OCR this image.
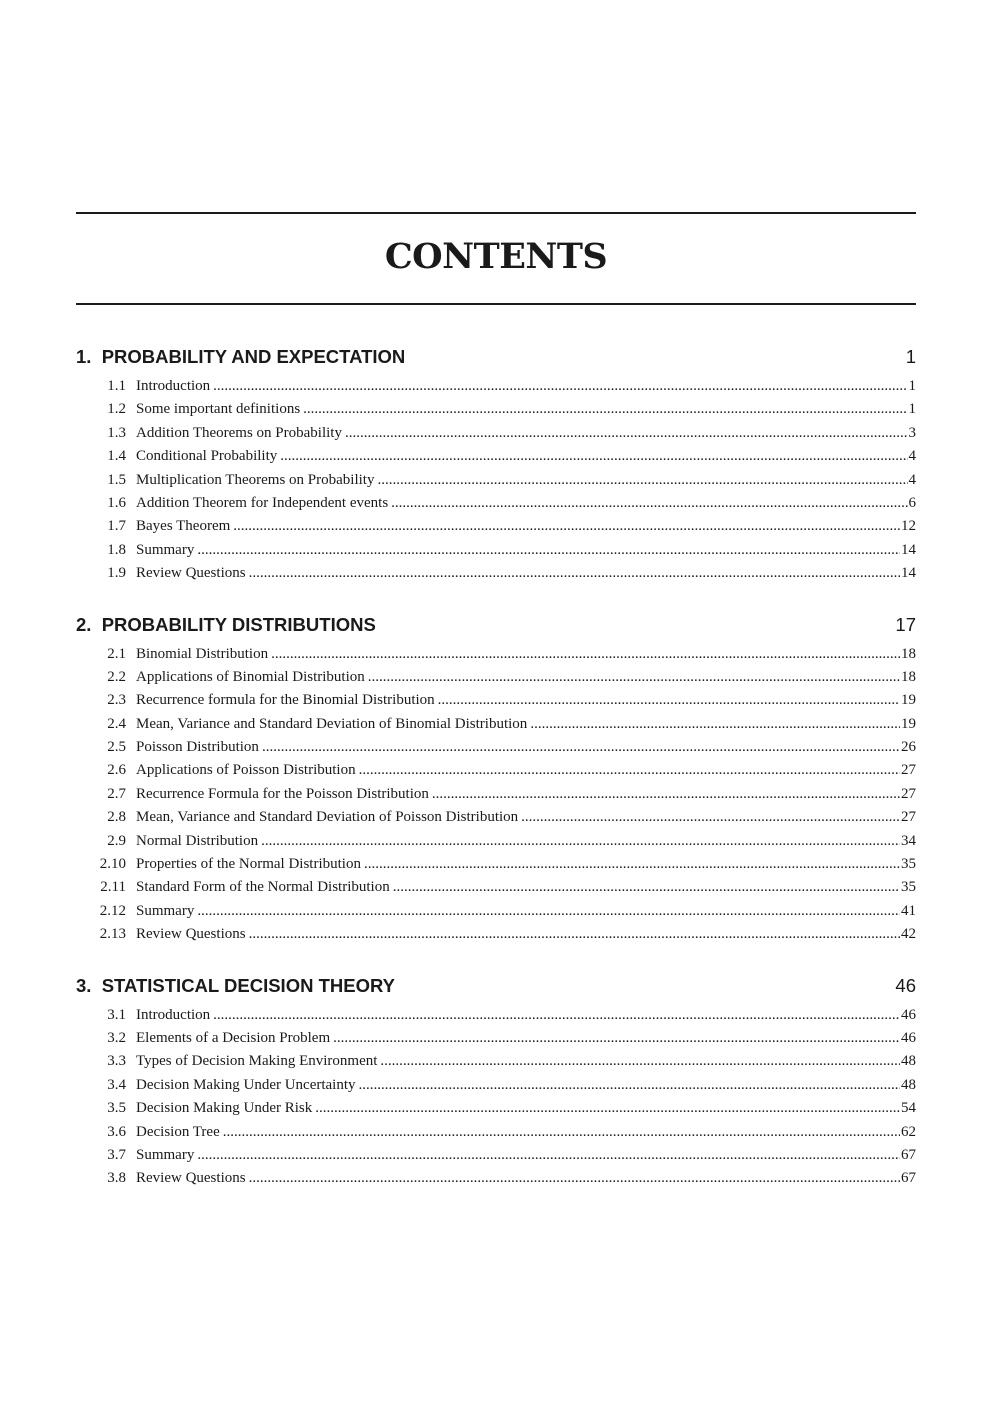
CONTENTS
1. PROBABILITY AND EXPECTATION	1
1.1 Introduction .....	1
1.2 Some important definitions .....	1
1.3 Addition Theorems on Probability .....	3
1.4 Conditional Probability .....	4
1.5 Multiplication Theorems on Probability .....	4
1.6 Addition Theorem for Independent events .....	6
1.7 Bayes Theorem .....	12
1.8 Summary .....	14
1.9 Review Questions .....	14
2. PROBABILITY DISTRIBUTIONS	17
2.1 Binomial Distribution .....	18
2.2 Applications of Binomial Distribution .....	18
2.3 Recurrence formula for the Binomial Distribution .....	19
2.4 Mean, Variance and Standard Deviation of Binomial Distribution .....	19
2.5 Poisson Distribution .....	26
2.6 Applications of Poisson Distribution .....	27
2.7 Recurrence Formula for the Poisson Distribution .....	27
2.8 Mean, Variance and Standard Deviation of Poisson Distribution .....	27
2.9 Normal Distribution .....	34
2.10 Properties of the Normal Distribution .....	35
2.11 Standard Form of the Normal Distribution .....	35
2.12 Summary .....	41
2.13 Review Questions .....	42
3. STATISTICAL DECISION THEORY	46
3.1 Introduction .....	46
3.2 Elements of a Decision Problem .....	46
3.3 Types of Decision Making Environment .....	48
3.4 Decision Making Under Uncertainty .....	48
3.5 Decision Making Under Risk .....	54
3.6 Decision Tree .....	62
3.7 Summary .....	67
3.8 Review Questions .....	67
